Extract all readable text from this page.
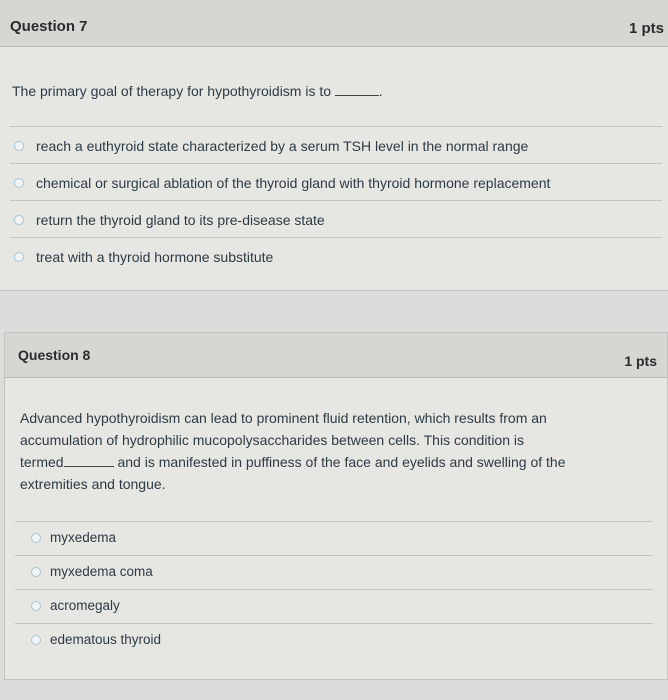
Question 7	1 pts
The primary goal of therapy for hypothyroidism is to	.
reach a euthyroid state characterized by a serum TSH level in the normal range
chemical or surgical ablation of the thyroid gland with thyroid hormone replacement
return the thyroid gland to its pre-disease state
treat with a thyroid hormone substitute
Question 8	1 pts
Advanced hypothyroidism can lead to prominent fluid retention, which results from an
accumulation of hydrophilic mucopolysaccharides between cells. This condition is
termed	and is manifested in puffiness of the face and eyelids and swelling of the
extremities and tongue.
myxedema
myxedema coma
acromegaly
edematous thyroid
